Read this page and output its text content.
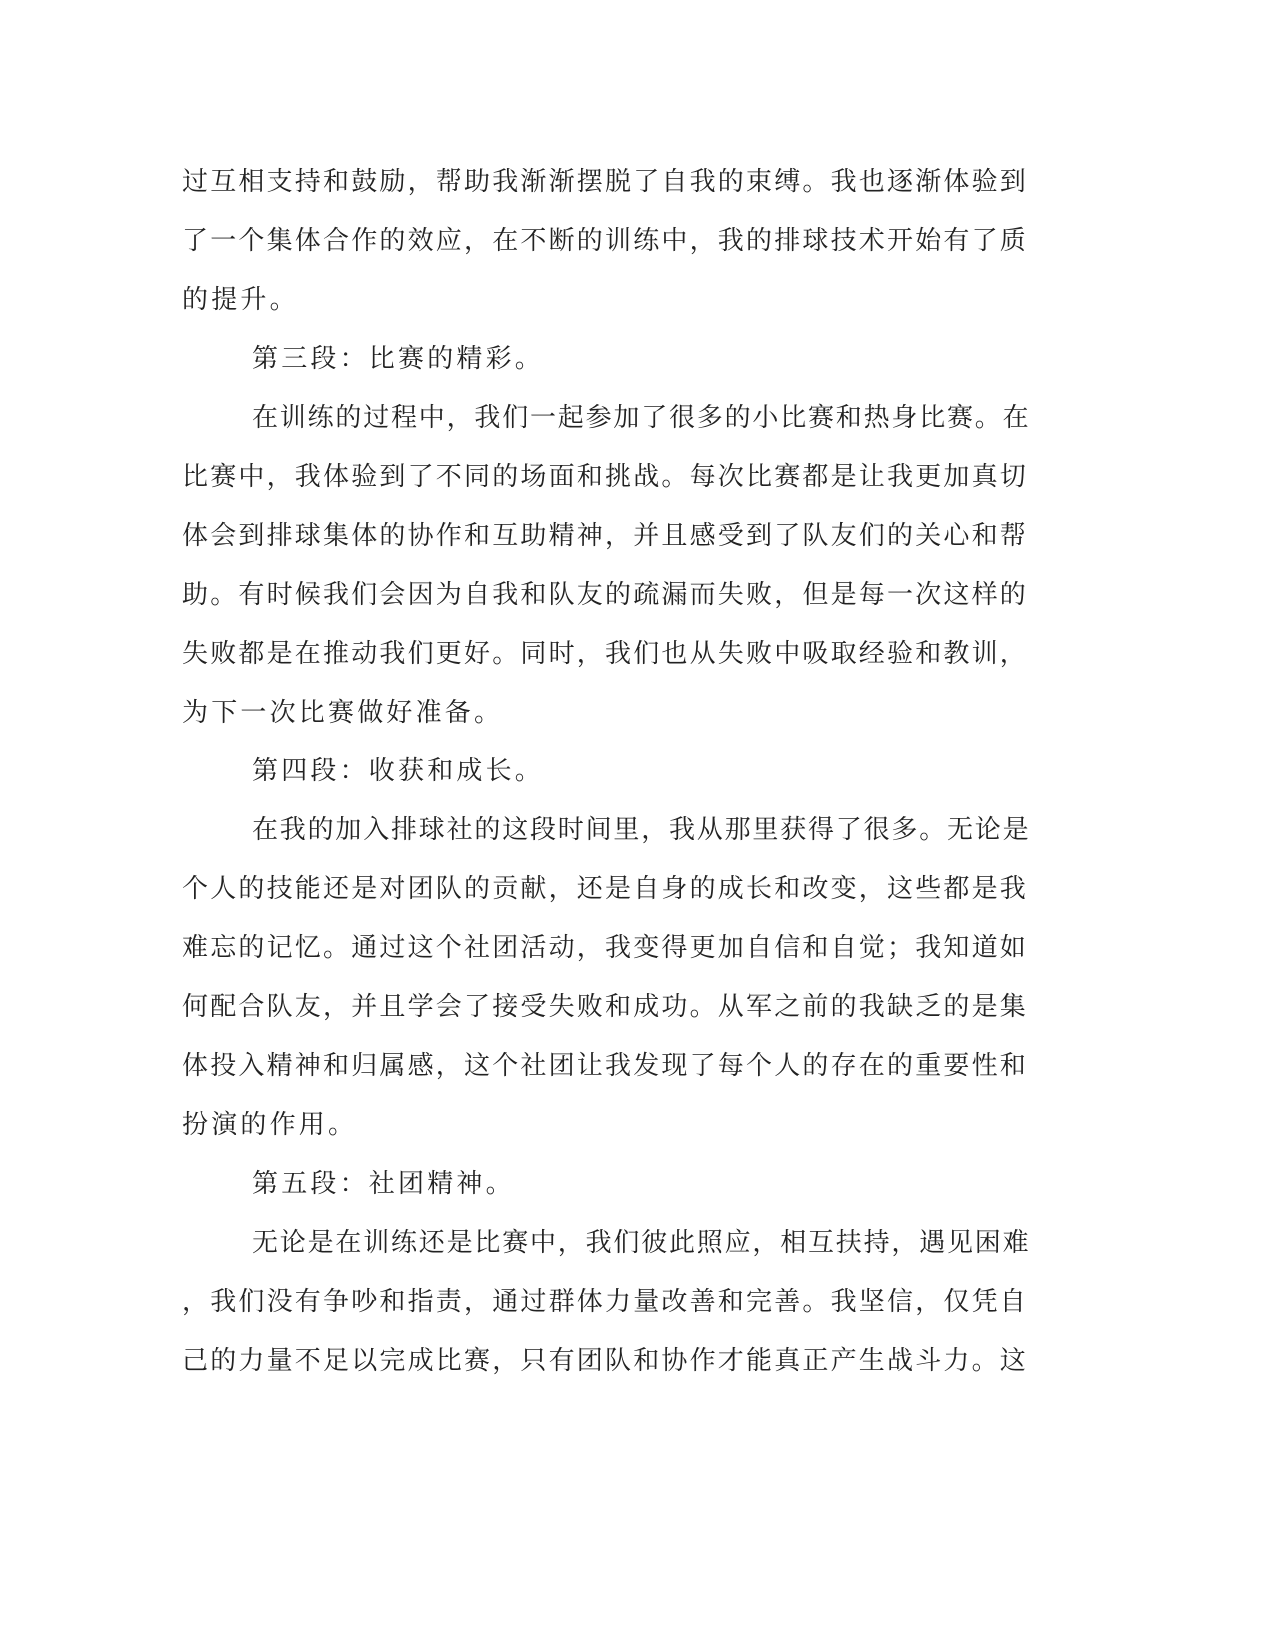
过互相支持和鼓励，帮助我渐渐摆脱了自我的束缚。我也逐渐体验到
了一个集体合作的效应，在不断的训练中，我的排球技术开始有了质
的提升。
第三段：比赛的精彩。
在训练的过程中，我们一起参加了很多的小比赛和热身比赛。在
比赛中，我体验到了不同的场面和挑战。每次比赛都是让我更加真切
体会到排球集体的协作和互助精神，并且感受到了队友们的关心和帮
助。有时候我们会因为自我和队友的疏漏而失败，但是每一次这样的
失败都是在推动我们更好。同时，我们也从失败中吸取经验和教训，
为下一次比赛做好准备。
第四段：收获和成长。
在我的加入排球社的这段时间里，我从那里获得了很多。无论是
个人的技能还是对团队的贡献，还是自身的成长和改变，这些都是我
难忘的记忆。通过这个社团活动，我变得更加自信和自觉；我知道如
何配合队友，并且学会了接受失败和成功。从军之前的我缺乏的是集
体投入精神和归属感，这个社团让我发现了每个人的存在的重要性和
扮演的作用。
第五段：社团精神。
无论是在训练还是比赛中，我们彼此照应，相互扶持，遇见困难
，我们没有争吵和指责，通过群体力量改善和完善。我坚信，仅凭自
己的力量不足以完成比赛，只有团队和协作才能真正产生战斗力。这
